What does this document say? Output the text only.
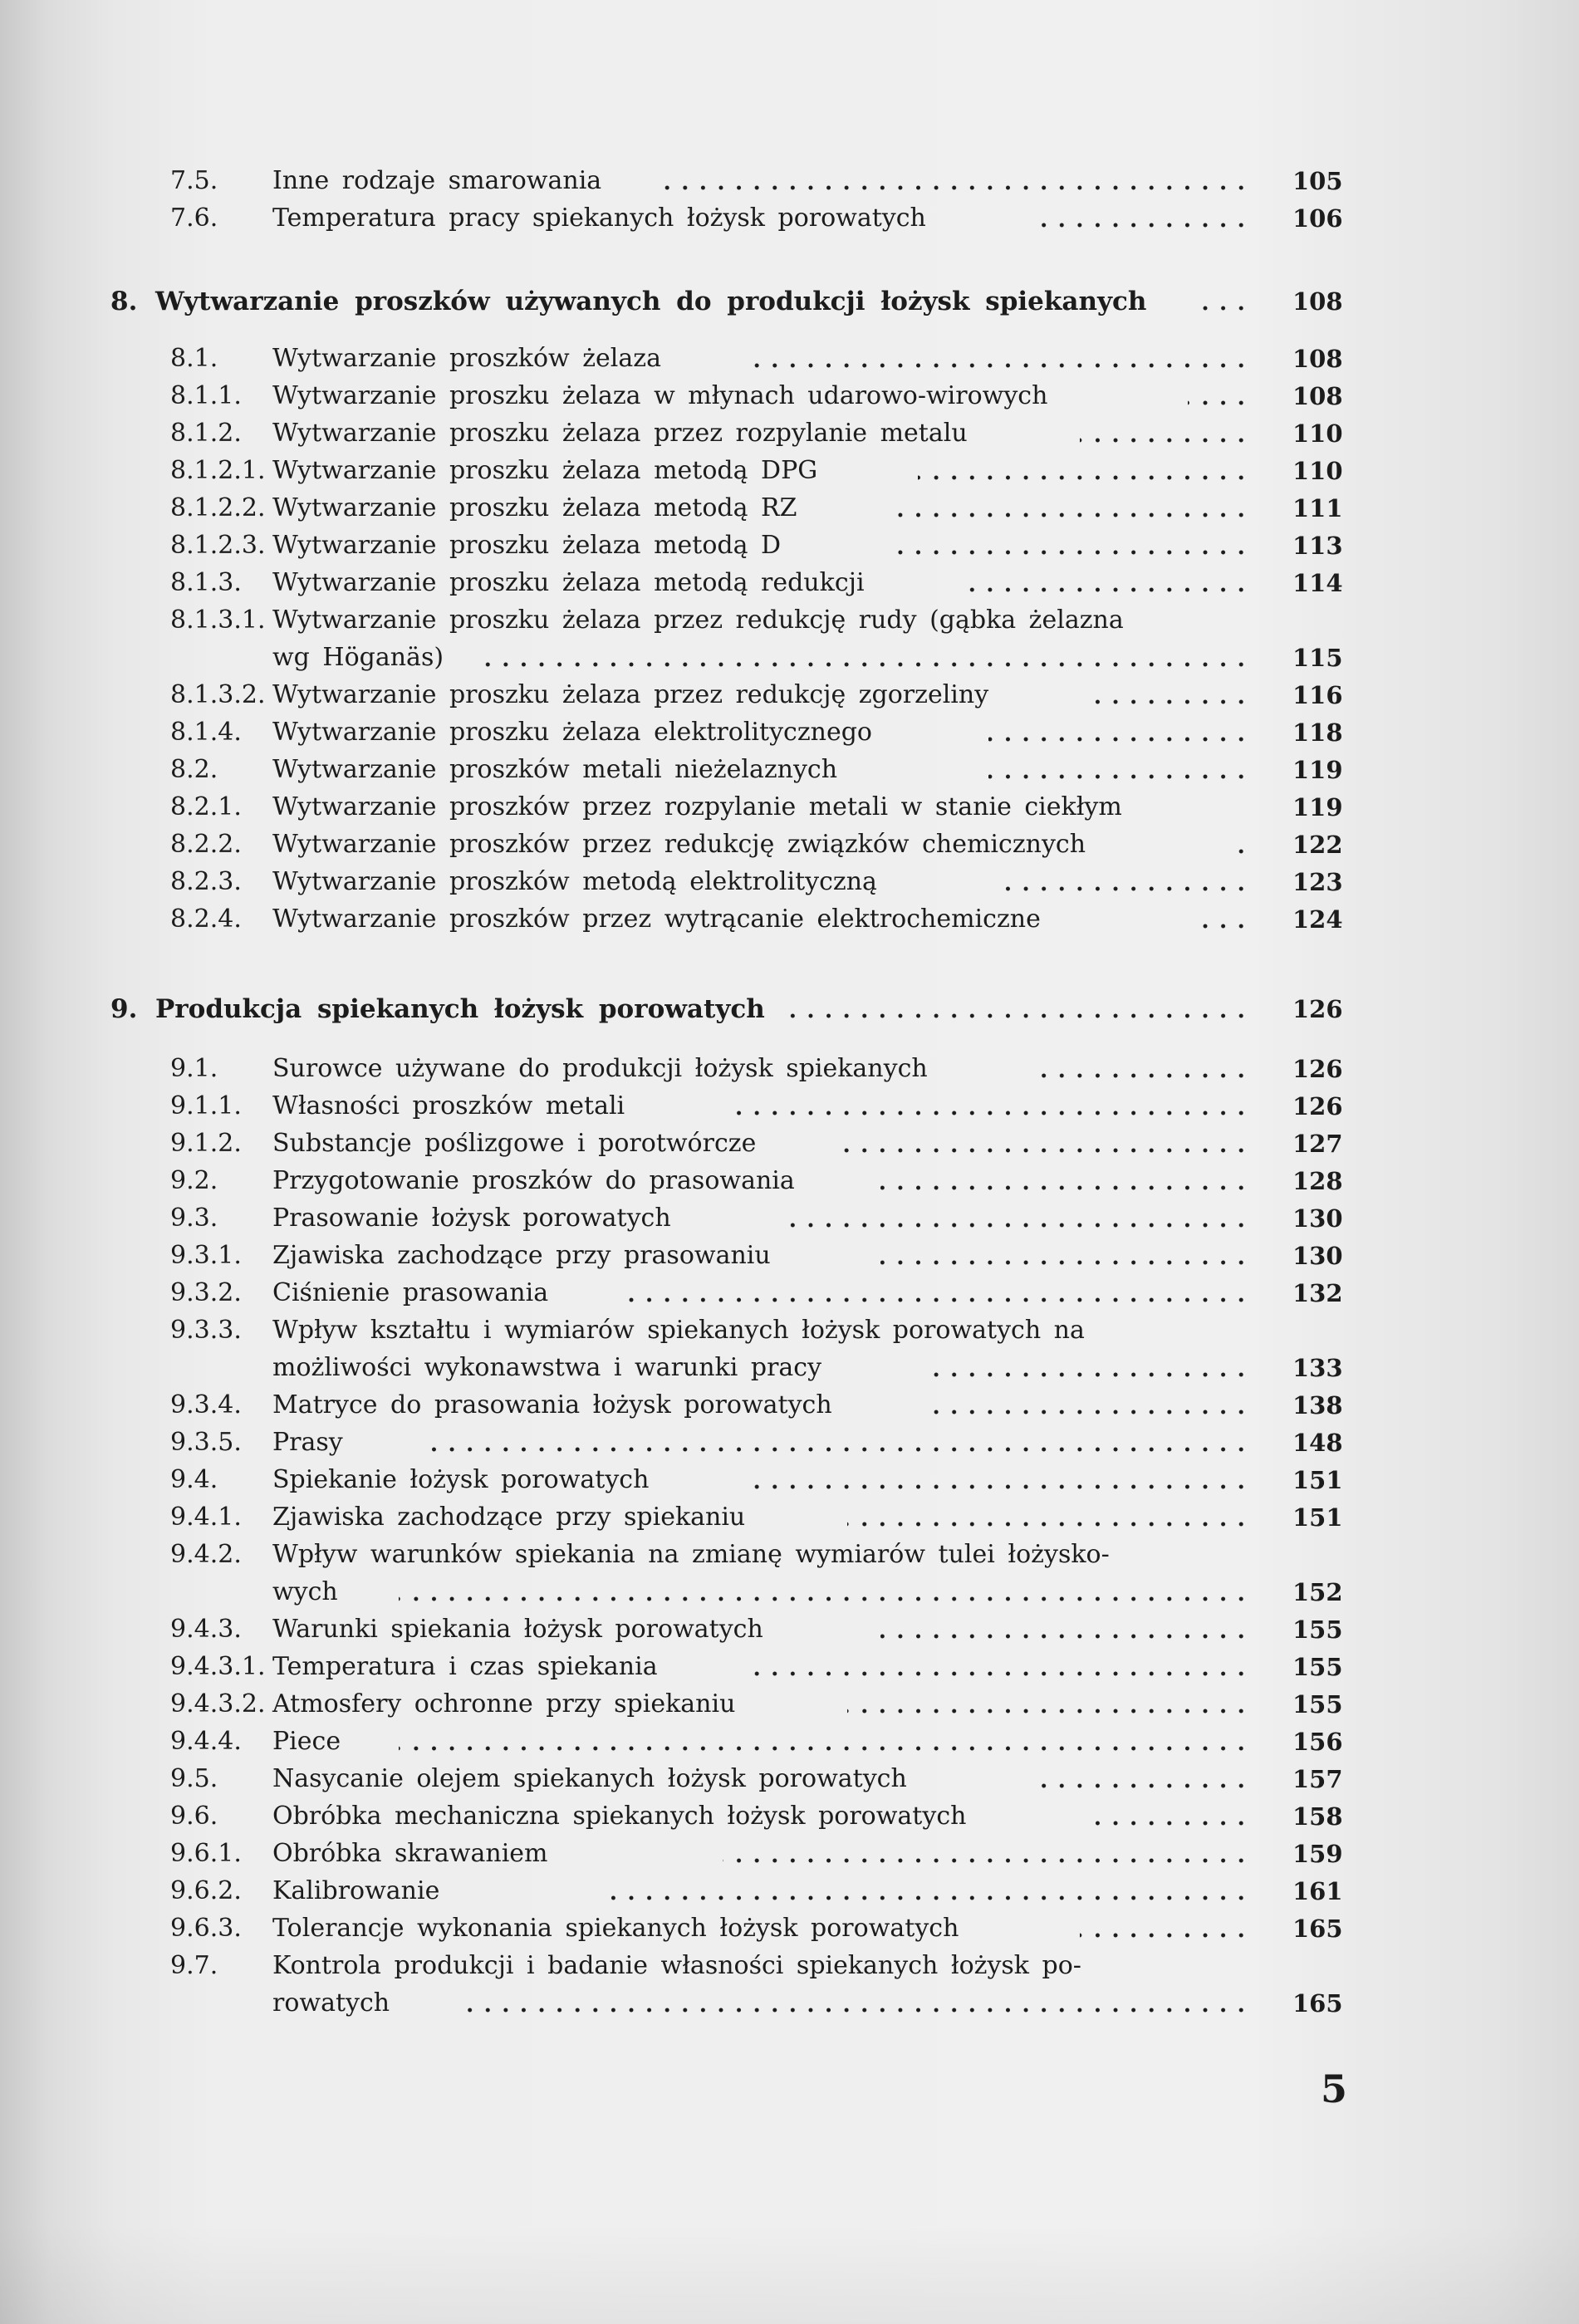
7.5. Inne rodzaje smarowania	105
7.6. Temperatura pracy spiekanych łożysk porowatych	106
8. Wytwarzanie proszków używanych do produkcji łożysk spiekanych	108
8.1. Wytwarzanie proszków żelaza	108
8.1.1. Wytwarzanie proszku żelaza w młynach udarowo-wirowych	108
8.1.2. Wytwarzanie proszku żelaza przez rozpylanie metalu	110
8.1.2.1. Wytwarzanie proszku żelaza metodą DPG	110
8.1.2.2. Wytwarzanie proszku żelaza metodą RZ	111
8.1.2.3. Wytwarzanie proszku żelaza metodą D	113
8.1.3. Wytwarzanie proszku żelaza metodą redukcji	114
8.1.3.1. Wytwarzanie proszku żelaza przez redukcję rudy (gąbka żelazna
wg Höganäs)	115
8.1.3.2. Wytwarzanie proszku żelaza przez redukcję zgorzeliny	116
8.1.4. Wytwarzanie proszku żelaza elektrolitycznego	118
8.2. Wytwarzanie proszków metali nieżelaznych	119
8.2.1. Wytwarzanie proszków przez rozpylanie metali w stanie ciekłym	119
8.2.2. Wytwarzanie proszków przez redukcję związków chemicznych	122
8.2.3. Wytwarzanie proszków metodą elektrolityczną	123
8.2.4. Wytwarzanie proszków przez wytrącanie elektrochemiczne	124
9. Produkcja spiekanych łożysk porowatych	126
9.1. Surowce używane do produkcji łożysk spiekanych	126
9.1.1. Własności proszków metali	126
9.1.2. Substancje poślizgowe i porotwórcze	127
9.2. Przygotowanie proszków do prasowania	128
9.3. Prasowanie łożysk porowatych	130
9.3.1. Zjawiska zachodzące przy prasowaniu	130
9.3.2. Ciśnienie prasowania	132
9.3.3. Wpływ kształtu i wymiarów spiekanych łożysk porowatych na
możliwości wykonawstwa i warunki pracy	133
9.3.4. Matryce do prasowania łożysk porowatych	138
9.3.5. Prasy	148
9.4. Spiekanie łożysk porowatych	151
9.4.1. Zjawiska zachodzące przy spiekaniu	151
9.4.2. Wpływ warunków spiekania na zmianę wymiarów tulei łożysko-
wych	152
9.4.3. Warunki spiekania łożysk porowatych	155
9.4.3.1. Temperatura i czas spiekania	155
9.4.3.2. Atmosfery ochronne przy spiekaniu	155
9.4.4. Piece	156
9.5. Nasycanie olejem spiekanych łożysk porowatych	157
9.6. Obróbka mechaniczna spiekanych łożysk porowatych	158
9.6.1. Obróbka skrawaniem	159
9.6.2. Kalibrowanie	161
9.6.3. Tolerancje wykonania spiekanych łożysk porowatych	165
9.7. Kontrola produkcji i badanie własności spiekanych łożysk po-
rowatych	165
5
